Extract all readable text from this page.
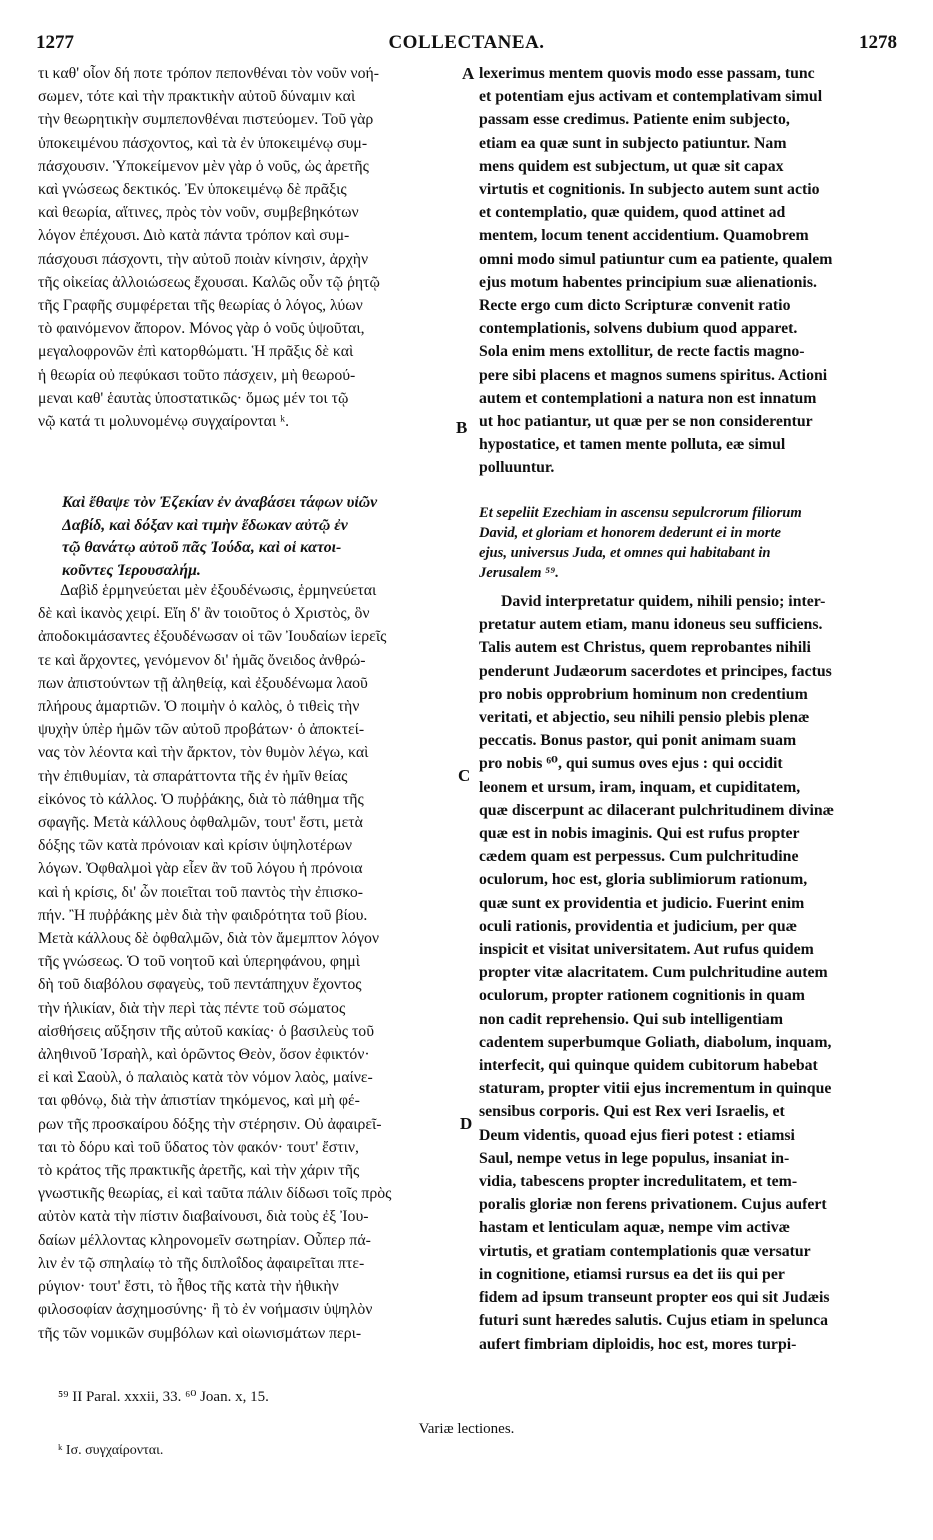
1277	COLLECTANEA.	1278

τι καθ' οἷον δή ποτε τρόπον πεπονθέναι τὸν νοῦν νοή-

σωμεν, τότε καὶ τὴν πρακτικὴν αὐτοῦ δύναμιν καὶ

τὴν θεωρητικὴν συμπεπονθέναι πιστεύομεν. Τοῦ γὰρ

ὑποκειμένου πάσχοντος, καὶ τὰ ἐν ὑποκειμένῳ συμ-

πάσχουσιν. Ὑποκείμενον μὲν γὰρ ὁ νοῦς, ὡς ἀρετῆς

καὶ γνώσεως δεκτικός. Ἐν ὑποκειμένῳ δὲ πρᾶξις

καὶ θεωρία, αἵτινες, πρὸς τὸν νοῦν, συμβεβηκότων

λόγον ἐπέχουσι. Διὸ κατὰ πάντα τρόπον καὶ συμ-

πάσχουσι πάσχοντι, τὴν αὐτοῦ ποιὰν κίνησιν, ἀρχὴν

τῆς οἰκείας ἀλλοιώσεως ἔχουσαι. Καλῶς οὖν τῷ ῥητῷ

τῆς Γραφῆς συμφέρεται τῆς θεωρίας ὁ λόγος, λύων

τὸ φαινόμενον ἄπορον. Μόνος γὰρ ὁ νοῦς ὑψοῦται,

μεγαλοφρονῶν ἐπὶ κατορθώματι. Ἡ πρᾶξις δὲ καὶ

ἡ θεωρία οὐ πεφύκασι τοῦτο πάσχειν, μὴ θεωρού-

μεναι καθ' ἑαυτὰς ὑποστατικῶς· ὅμως μέν τοι τῷ

νῷ κατά τι μολυνομένῳ συγχαίρονται ᵏ.

lexerimus mentem quovis modo esse passam, tunc

et potentiam ejus activam et contemplativam simul

passam esse credimus. Patiente enim subjecto,

etiam ea quæ sunt in subjecto patiuntur. Nam

mens quidem est subjectum, ut quæ sit capax

virtutis et cognitionis. In subjecto autem sunt actio

et contemplatio, quæ quidem, quod attinet ad

mentem, locum tenent accidentium. Quamobrem

omni modo simul patiuntur cum ea patiente, qualem

ejus motum habentes principium suæ alienationis.

Recte ergo cum dicto Scripturæ convenit ratio

contemplationis, solvens dubium quod apparet.

Sola enim mens extollitur, de recte factis magno-

pere sibi placens et magnos sumens spiritus. Actioni

autem et contemplationi a natura non est innatum

ut hoc patiantur, ut quæ per se non considerentur

hypostatice, et tamen mente polluta, eæ simul

polluuntur.

Καὶ ἔθαψε τὸν Ἐζεκίαν ἐν ἀναβάσει τάφων υἱῶν

Δαβίδ, καὶ δόξαν καὶ τιμὴν ἔδωκαν αὐτῷ ἐν

τῷ θανάτῳ αὐτοῦ πᾶς Ἰούδα, καὶ οἱ κατοι-

κοῦντες Ἱερουσαλήμ.

Et sepeliit Ezechiam in ascensu sepulcrorum filiorum

David, et gloriam et honorem dederunt ei in morte

ejus, universus Juda, et omnes qui habitabant in

Jerusalem ⁵⁹.

Δαβὶδ ἑρμηνεύεται μὲν ἐξουδένωσις, ἑρμηνεύεται

δὲ καὶ ἱκανὸς χειρί. Εἴη δ' ἂν τοιοῦτος ὁ Χριστὸς, ὃν

ἀποδοκιμάσαντες ἐξουδένωσαν οἱ τῶν Ἰουδαίων ἱερεῖς

τε καὶ ἄρχοντες, γενόμενον δι' ἡμᾶς ὄνειδος ἀνθρώ-

πων ἀπιστούντων τῇ ἀληθείᾳ, καὶ ἐξουδένωμα λαοῦ

πλήρους ἁμαρτιῶν. Ὁ ποιμὴν ὁ καλὸς, ὁ τιθεὶς τὴν

ψυχὴν ὑπὲρ ἡμῶν τῶν αὐτοῦ προβάτων· ὁ ἀποκτεί-

νας τὸν λέοντα καὶ τὴν ἄρκτον, τὸν θυμὸν λέγω, καὶ

τὴν ἐπιθυμίαν, τὰ σπαράττοντα τῆς ἐν ἡμῖν θείας

εἰκόνος τὸ κάλλος. Ὁ πυῤῥάκης, διὰ τὸ πάθημα τῆς

σφαγῆς. Μετὰ κάλλους ὀφθαλμῶν, τουτ' ἔστι, μετὰ

δόξης τῶν κατὰ πρόνοιαν καὶ κρίσιν ὑψηλοτέρων

λόγων. Ὀφθαλμοὶ γὰρ εἶεν ἂν τοῦ λόγου ἡ πρόνοια

καὶ ἡ κρίσις, δι' ὧν ποιεῖται τοῦ παντὸς τὴν ἐπισκο-

πήν. Ἢ πυῤῥάκης μὲν διὰ τὴν φαιδρότητα τοῦ βίου.

Μετὰ κάλλους δὲ ὀφθαλμῶν, διὰ τὸν ἄμεμπτον λόγον

τῆς γνώσεως. Ὁ τοῦ νοητοῦ καὶ ὑπερηφάνου, φημὶ

δὴ τοῦ διαβόλου σφαγεὺς, τοῦ πεντάπηχυν ἔχοντος

τὴν ἡλικίαν, διὰ τὴν περὶ τὰς πέντε τοῦ σώματος

αἰσθήσεις αὔξησιν τῆς αὐτοῦ κακίας· ὁ βασιλεὺς τοῦ

ἀληθινοῦ Ἰσραὴλ, καὶ ὁρῶντος Θεὸν, ὅσον ἐφικτόν·

εἰ καὶ Σαοὺλ, ὁ παλαιὸς κατὰ τὸν νόμον λαὸς, μαίνε-

ται φθόνῳ, διὰ τὴν ἀπιστίαν τηκόμενος, καὶ μὴ φέ-

ρων τῆς προσκαίρου δόξης τὴν στέρησιν. Οὐ ἀφαιρεῖ-

ται τὸ δόρυ καὶ τοῦ ὕδατος τὸν φακόν· τουτ' ἔστιν,

τὸ κράτος τῆς πρακτικῆς ἀρετῆς, καὶ τὴν χάριν τῆς

γνωστικῆς θεωρίας, εἰ καὶ ταῦτα πάλιν δίδωσι τοῖς πρὸς

αὐτὸν κατὰ τὴν πίστιν διαβαίνουσι, διὰ τοὺς ἐξ Ἰου-

δαίων μέλλοντας κληρονομεῖν σωτηρίαν. Οὗπερ πά-

λιν ἐν τῷ σπηλαίῳ τὸ τῆς διπλοΐδος ἀφαιρεῖται πτε-

ρύγιον· τουτ' ἔστι, τὸ ἦθος τῆς κατὰ τὴν ἠθικὴν

φιλοσοφίαν ἀσχημοσύνης· ἢ τὸ ἐν νοήμασιν ὑψηλὸν

τῆς τῶν νομικῶν συμβόλων καὶ οἰωνισμάτων περι-

David interpretatur quidem, nihili pensio; inter-

pretatur autem etiam, manu idoneus seu sufficiens.

Talis autem est Christus, quem reprobantes nihili

penderunt Judæorum sacerdotes et principes, factus

pro nobis opprobrium hominum non credentium

veritati, et abjectio, seu nihili pensio plebis plenæ

peccatis. Bonus pastor, qui ponit animam suam

pro nobis ⁶⁰, qui sumus oves ejus : qui occidit

leonem et ursum, iram, inquam, et cupiditatem,

quæ discerpunt ac dilacerant pulchritudinem divinæ

quæ est in nobis imaginis. Qui est rufus propter

cædem quam est perpessus. Cum pulchritudine

oculorum, hoc est, gloria sublimiorum rationum,

quæ sunt ex providentia et judicio. Fuerint enim

oculi rationis, providentia et judicium, per quæ

inspicit et visitat universitatem. Aut rufus quidem

propter vitæ alacritatem. Cum pulchritudine autem

oculorum, propter rationem cognitionis in quam

non cadit reprehensio. Qui sub intelligentiam

cadentem superbumque Goliath, diabolum, inquam,

interfecit, qui quinque quidem cubitorum habebat

staturam, propter vitii ejus incrementum in quinque

sensibus corporis. Qui est Rex veri Israelis, et

Deum videntis, quoad ejus fieri potest : etiamsi

Saul, nempe vetus in lege populus, insaniat in-

vidia, tabescens propter incredulitatem, et tem-

poralis gloriæ non ferens privationem. Cujus aufert

hastam et lenticulam aquæ, nempe vim activæ

virtutis, et gratiam contemplationis quæ versatur

in cognitione, etiamsi rursus ea det iis qui per

fidem ad ipsum transeunt propter eos qui sit Judæis

futuri sunt hæredes salutis. Cujus etiam in spelunca

aufert fimbriam diploidis, hoc est, mores turpi-

A
B
C
D
⁵⁹ II Paral. xxxii, 33. ⁶⁰ Joan. x, 15.
Variæ lectiones.
ᵏ Ισ. συγχαίρονται.
